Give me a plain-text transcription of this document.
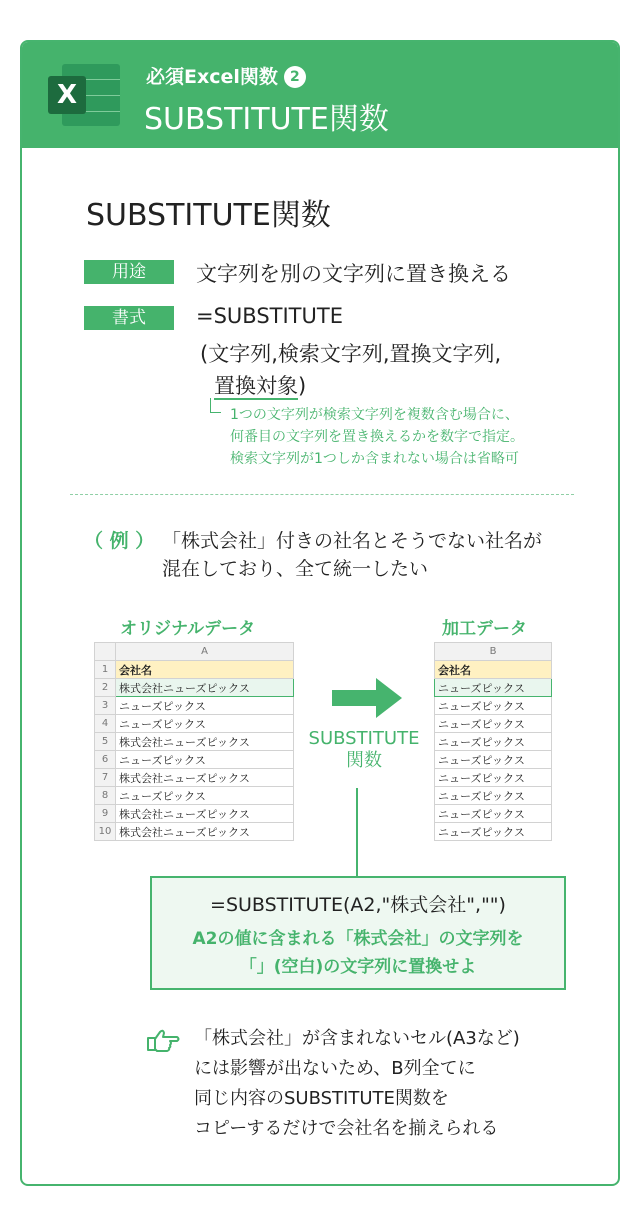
X
必須Excel関数 2
SUBSTITUTE関数
SUBSTITUTE関数
用途	文字列を別の文字列に置き換える
書式	=SUBSTITUTE
(文字列,検索文字列,置換文字列,
置換対象)
1つの文字列が検索文字列を複数含む場合に、
何番目の文字列を置き換えるかを数字で指定。
検索文字列が1つしか含まれない場合は省略可
（ 例 ） 「株式会社」付きの社名とそうでない社名が
混在しており、全て統一したい
オリジナルデータ	加工データ
	A
1	会社名
2	株式会社ニューズピックス
3	ニューズピックス
4	ニューズピックス
5	株式会社ニューズピックス
6	ニューズピックス
7	株式会社ニューズピックス
8	ニューズピックス
9	株式会社ニューズピックス
10	株式会社ニューズピックス
SUBSTITUTE
関数
B
会社名
ニューズピックス
ニューズピックス
ニューズピックス
ニューズピックス
ニューズピックス
ニューズピックス
ニューズピックス
ニューズピックス
ニューズピックス
=SUBSTITUTE(A2,"株式会社","")
A2の値に含まれる「株式会社」の文字列を
「」(空白)の文字列に置換せよ
「株式会社」が含まれないセル(A3など)
には影響が出ないため、B列全てに
同じ内容のSUBSTITUTE関数を
コピーするだけで会社名を揃えられる
